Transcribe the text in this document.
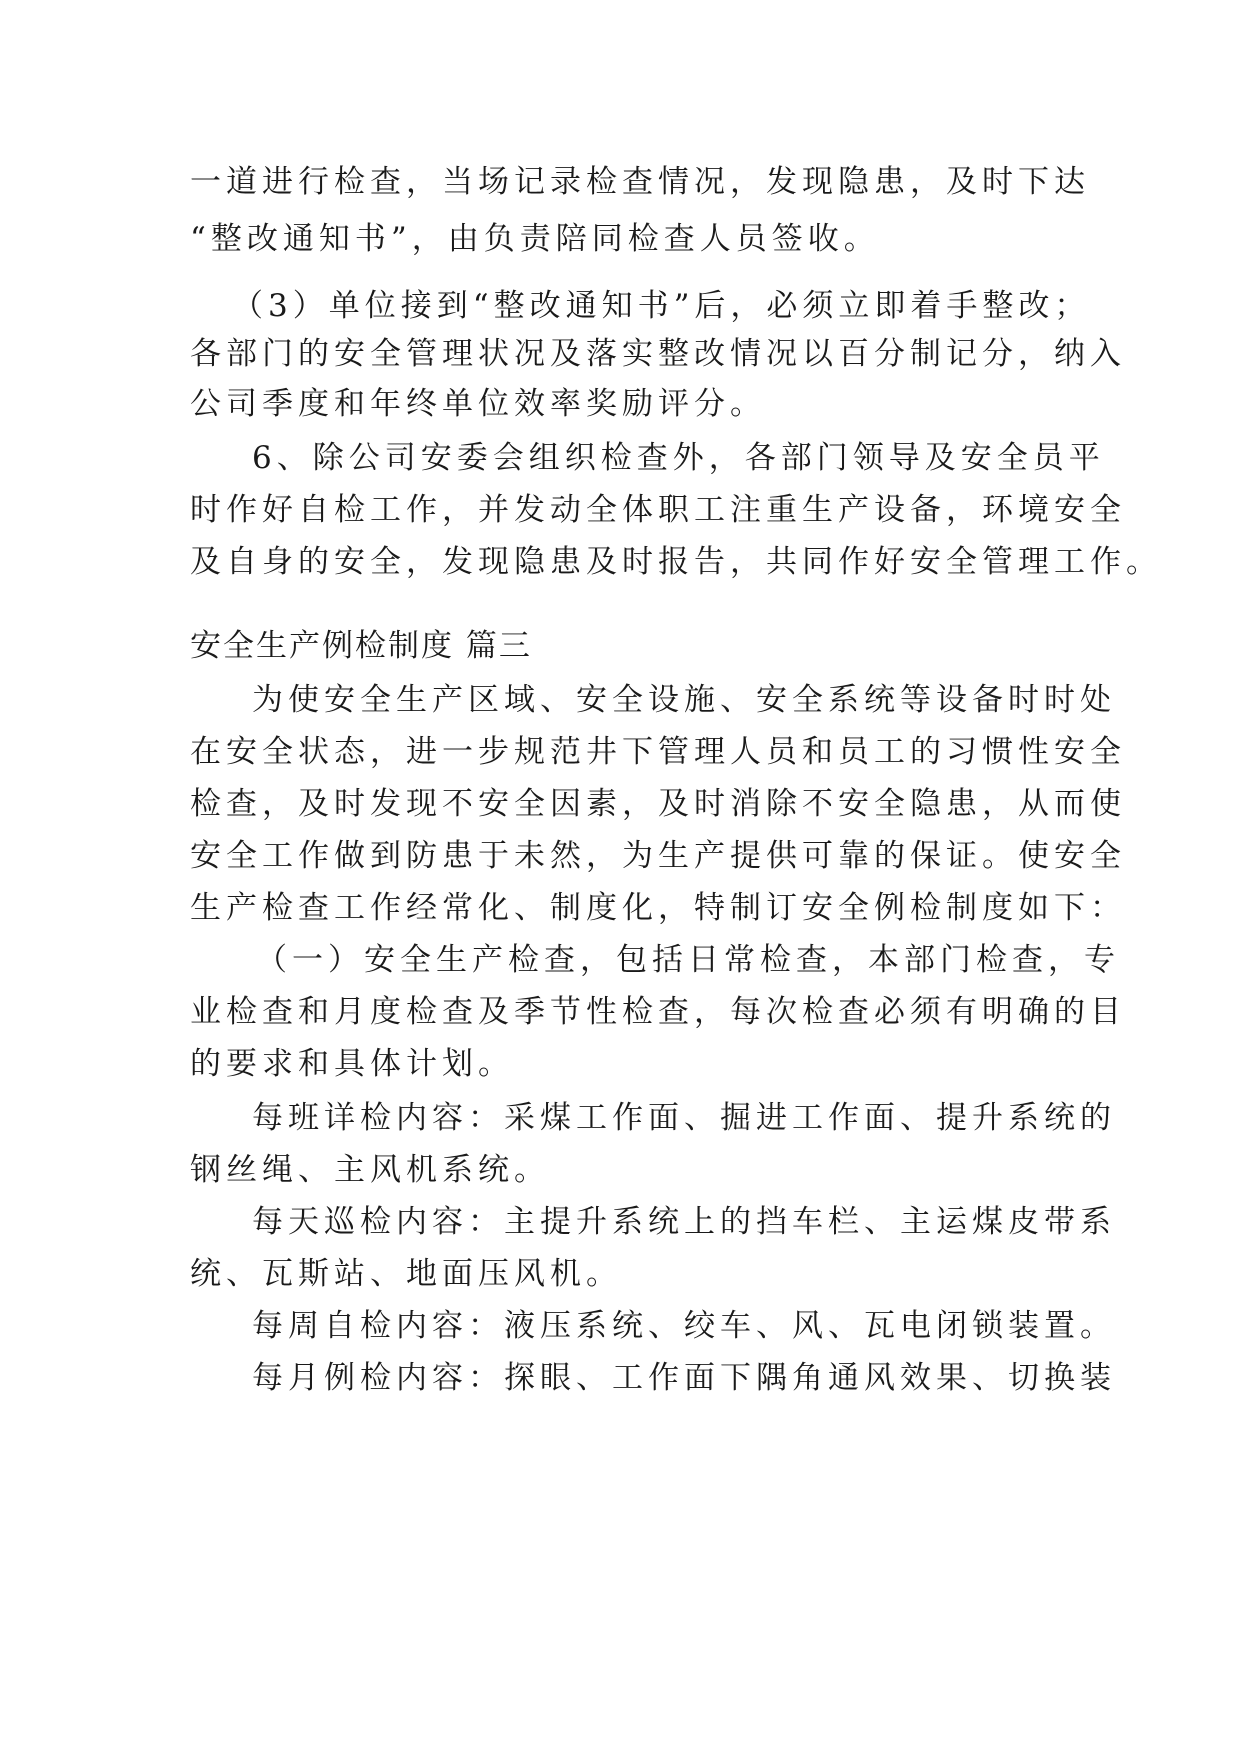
一道进行检查，当场记录检查情况，发现隐患，及时下达
“整改通知书”，由负责陪同检查人员签收。
（3）单位接到“整改通知书”后，必须立即着手整改；
各部门的安全管理状况及落实整改情况以百分制记分，纳入
公司季度和年终单位效率奖励评分。
6、除公司安委会组织检查外，各部门领导及安全员平
时作好自检工作，并发动全体职工注重生产设备，环境安全
及自身的安全，发现隐患及时报告，共同作好安全管理工作。
安全生产例检制度 篇三
为使安全生产区域、安全设施、安全系统等设备时时处
在安全状态，进一步规范井下管理人员和员工的习惯性安全
检查，及时发现不安全因素，及时消除不安全隐患，从而使
安全工作做到防患于未然，为生产提供可靠的保证。使安全
生产检查工作经常化、制度化，特制订安全例检制度如下：
（一）安全生产检查，包括日常检查，本部门检查，专
业检查和月度检查及季节性检查，每次检查必须有明确的目
的要求和具体计划。
每班详检内容：采煤工作面、掘进工作面、提升系统的
钢丝绳、主风机系统。
每天巡检内容：主提升系统上的挡车栏、主运煤皮带系
统、瓦斯站、地面压风机。
每周自检内容：液压系统、绞车、风、瓦电闭锁装置。
每月例检内容：探眼、工作面下隅角通风效果、切换装
